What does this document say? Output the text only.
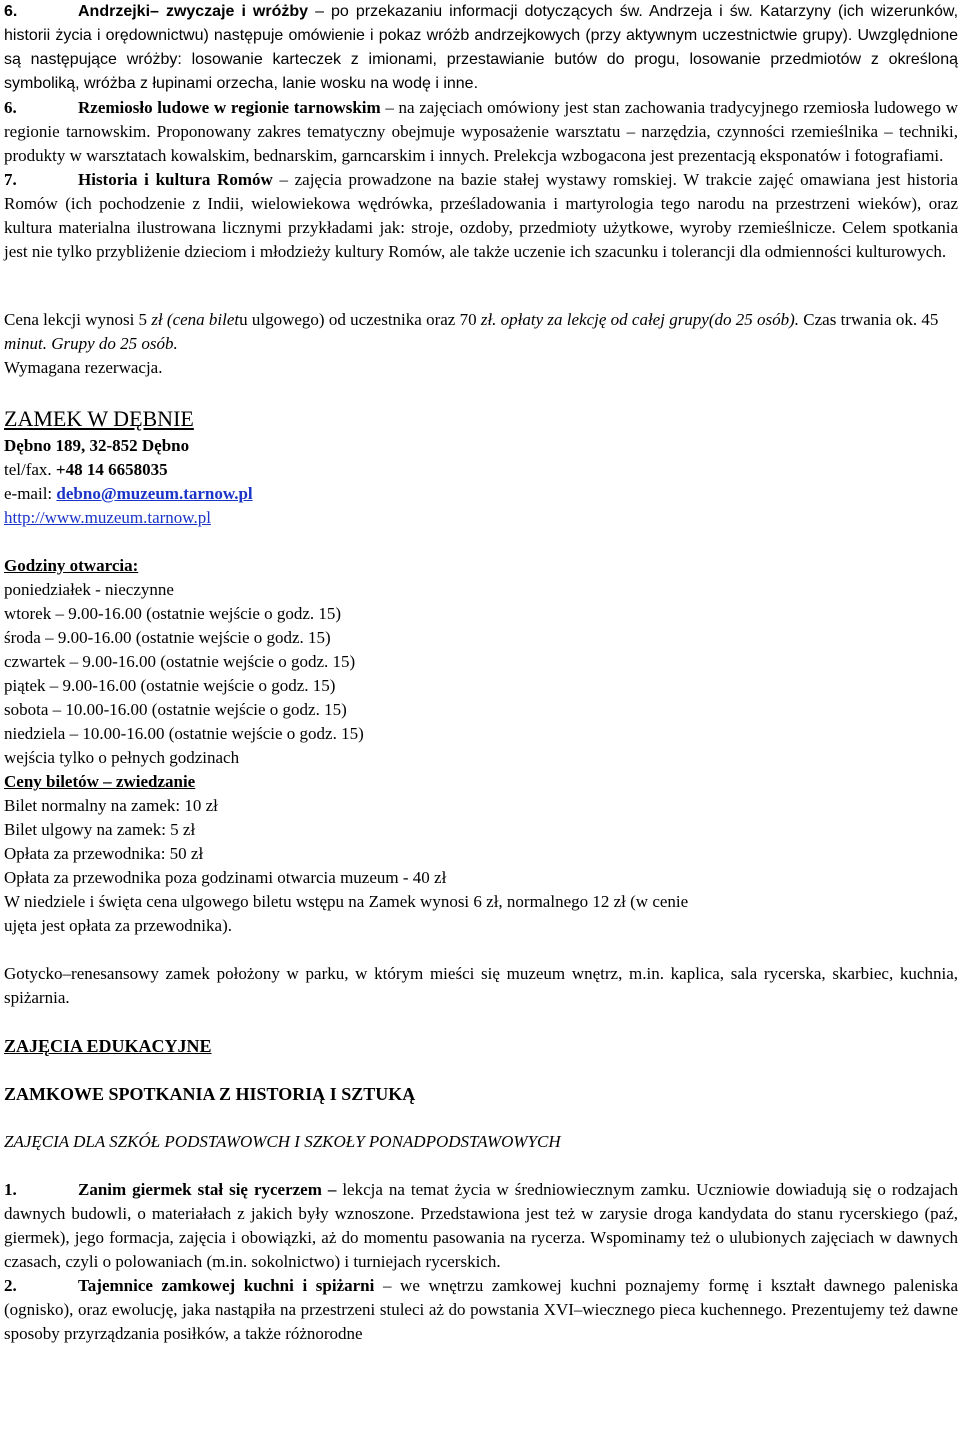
6.	Andrzejki– zwyczaje i wróżby – po przekazaniu informacji dotyczących św. Andrzeja i św. Katarzyny (ich wizerunków, historii życia i orędownictwu) następuje omówienie i pokaz wróżb andrzejkowych (przy aktywnym uczestnictwie grupy). Uwzględnione są następujące wróżby: losowanie karteczek z imionami, przestawianie butów do progu, losowanie przedmiotów z określoną symboliką, wróżba z łupinami orzecha, lanie wosku na wodę i inne.

6.	Rzemiosło ludowe w regionie tarnowskim – na zajęciach omówiony jest stan zachowania tradycyjnego rzemiosła ludowego w regionie tarnowskim. Proponowany zakres tematyczny obejmuje wyposażenie warsztatu – narzędzia, czynności rzemieślnika – techniki, produkty w warsztatach kowalskim, bednarskim, garncarskim i innych. Prelekcja wzbogacona jest prezentacją eksponatów i fotografiami.

7.	Historia i kultura Romów – zajęcia prowadzone na bazie stałej wystawy romskiej. W trakcie zajęć omawiana jest historia Romów (ich pochodzenie z Indii, wielowiekowa wędrówka, prześladowania i martyrologia tego narodu na przestrzeni wieków), oraz kultura materialna ilustrowana licznymi przykładami jak: stroje, ozdoby, przedmioty użytkowe, wyroby rzemieślnicze. Celem spotkania jest nie tylko przybliżenie dzieciom i młodzieży kultury Romów, ale także uczenie ich szacunku i tolerancji dla odmienności kulturowych.

Cena lekcji wynosi 5 zł (cena biletu ulgowego) od uczestnika oraz 70 zł. opłaty za lekcję od całej grupy(do 25 osób). Czas trwania ok. 45 minut. Grupy do 25 osób.

Wymagana rezerwacja.

ZAMEK W DĘBNIE

Dębno 189, 32-852 Dębno

tel/fax. +48 14 6658035

e-mail: debno@muzeum.tarnow.pl

http://www.muzeum.tarnow.pl

Godziny otwarcia:

poniedziałek - nieczynne

wtorek – 9.00-16.00 (ostatnie wejście o godz. 15)

środa – 9.00-16.00 (ostatnie wejście o godz. 15)

czwartek – 9.00-16.00 (ostatnie wejście o godz. 15)

piątek – 9.00-16.00 (ostatnie wejście o godz. 15)

sobota – 10.00-16.00 (ostatnie wejście o godz. 15)

niedziela – 10.00-16.00 (ostatnie wejście o godz. 15)

wejścia tylko o pełnych godzinach

Ceny biletów – zwiedzanie

Bilet normalny na zamek: 10 zł

Bilet ulgowy na zamek: 5 zł

Opłata za przewodnika: 50 zł

Opłata za przewodnika poza godzinami otwarcia muzeum - 40 zł

W niedziele i święta cena ulgowego biletu wstępu na Zamek wynosi 6 zł, normalnego 12 zł (w cenie

ujęta jest opłata za przewodnika).

Gotycko–renesansowy zamek położony w parku, w którym mieści się muzeum wnętrz, m.in. kaplica, sala rycerska, skarbiec, kuchnia, spiżarnia.

ZAJĘCIA EDUKACYJNE

ZAMKOWE SPOTKANIA Z HISTORIĄ I SZTUKĄ

ZAJĘCIA DLA SZKÓŁ PODSTAWOWCH I SZKOŁY PONADPODSTAWOWYCH

1.	Zanim giermek stał się rycerzem – lekcja na temat życia w średniowiecznym zamku. Uczniowie dowiadują się o rodzajach dawnych budowli, o materiałach z jakich były wznoszone. Przedstawiona jest też w zarysie droga kandydata do stanu rycerskiego (paź, giermek), jego formacja, zajęcia i obowiązki, aż do momentu pasowania na rycerza. Wspominamy też o ulubionych zajęciach w dawnych czasach, czyli o polowaniach (m.in. sokolnictwo) i turniejach rycerskich.

2.	Tajemnice zamkowej kuchni i spiżarni – we wnętrzu zamkowej kuchni poznajemy formę i kształt dawnego paleniska (ognisko), oraz ewolucję, jaka nastąpiła na przestrzeni stuleci aż do powstania XVI–wiecznego pieca kuchennego. Prezentujemy też dawne sposoby przyrządzania posiłków, a także różnorodne
